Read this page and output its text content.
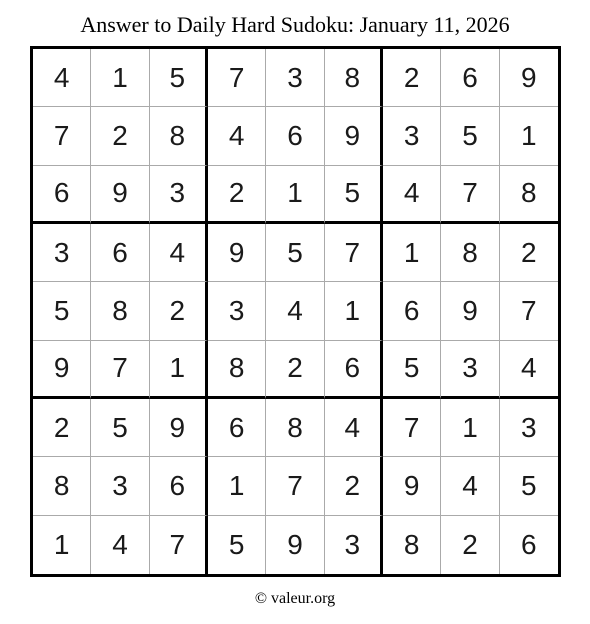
Answer to Daily Hard Sudoku: January 11, 2026
4	1	5	7	3	8	2	6	9
7	2	8	4	6	9	3	5	1
6	9	3	2	1	5	4	7	8
3	6	4	9	5	7	1	8	2
5	8	2	3	4	1	6	9	7
9	7	1	8	2	6	5	3	4
2	5	9	6	8	4	7	1	3
8	3	6	1	7	2	9	4	5
1	4	7	5	9	3	8	2	6
© valeur.org
